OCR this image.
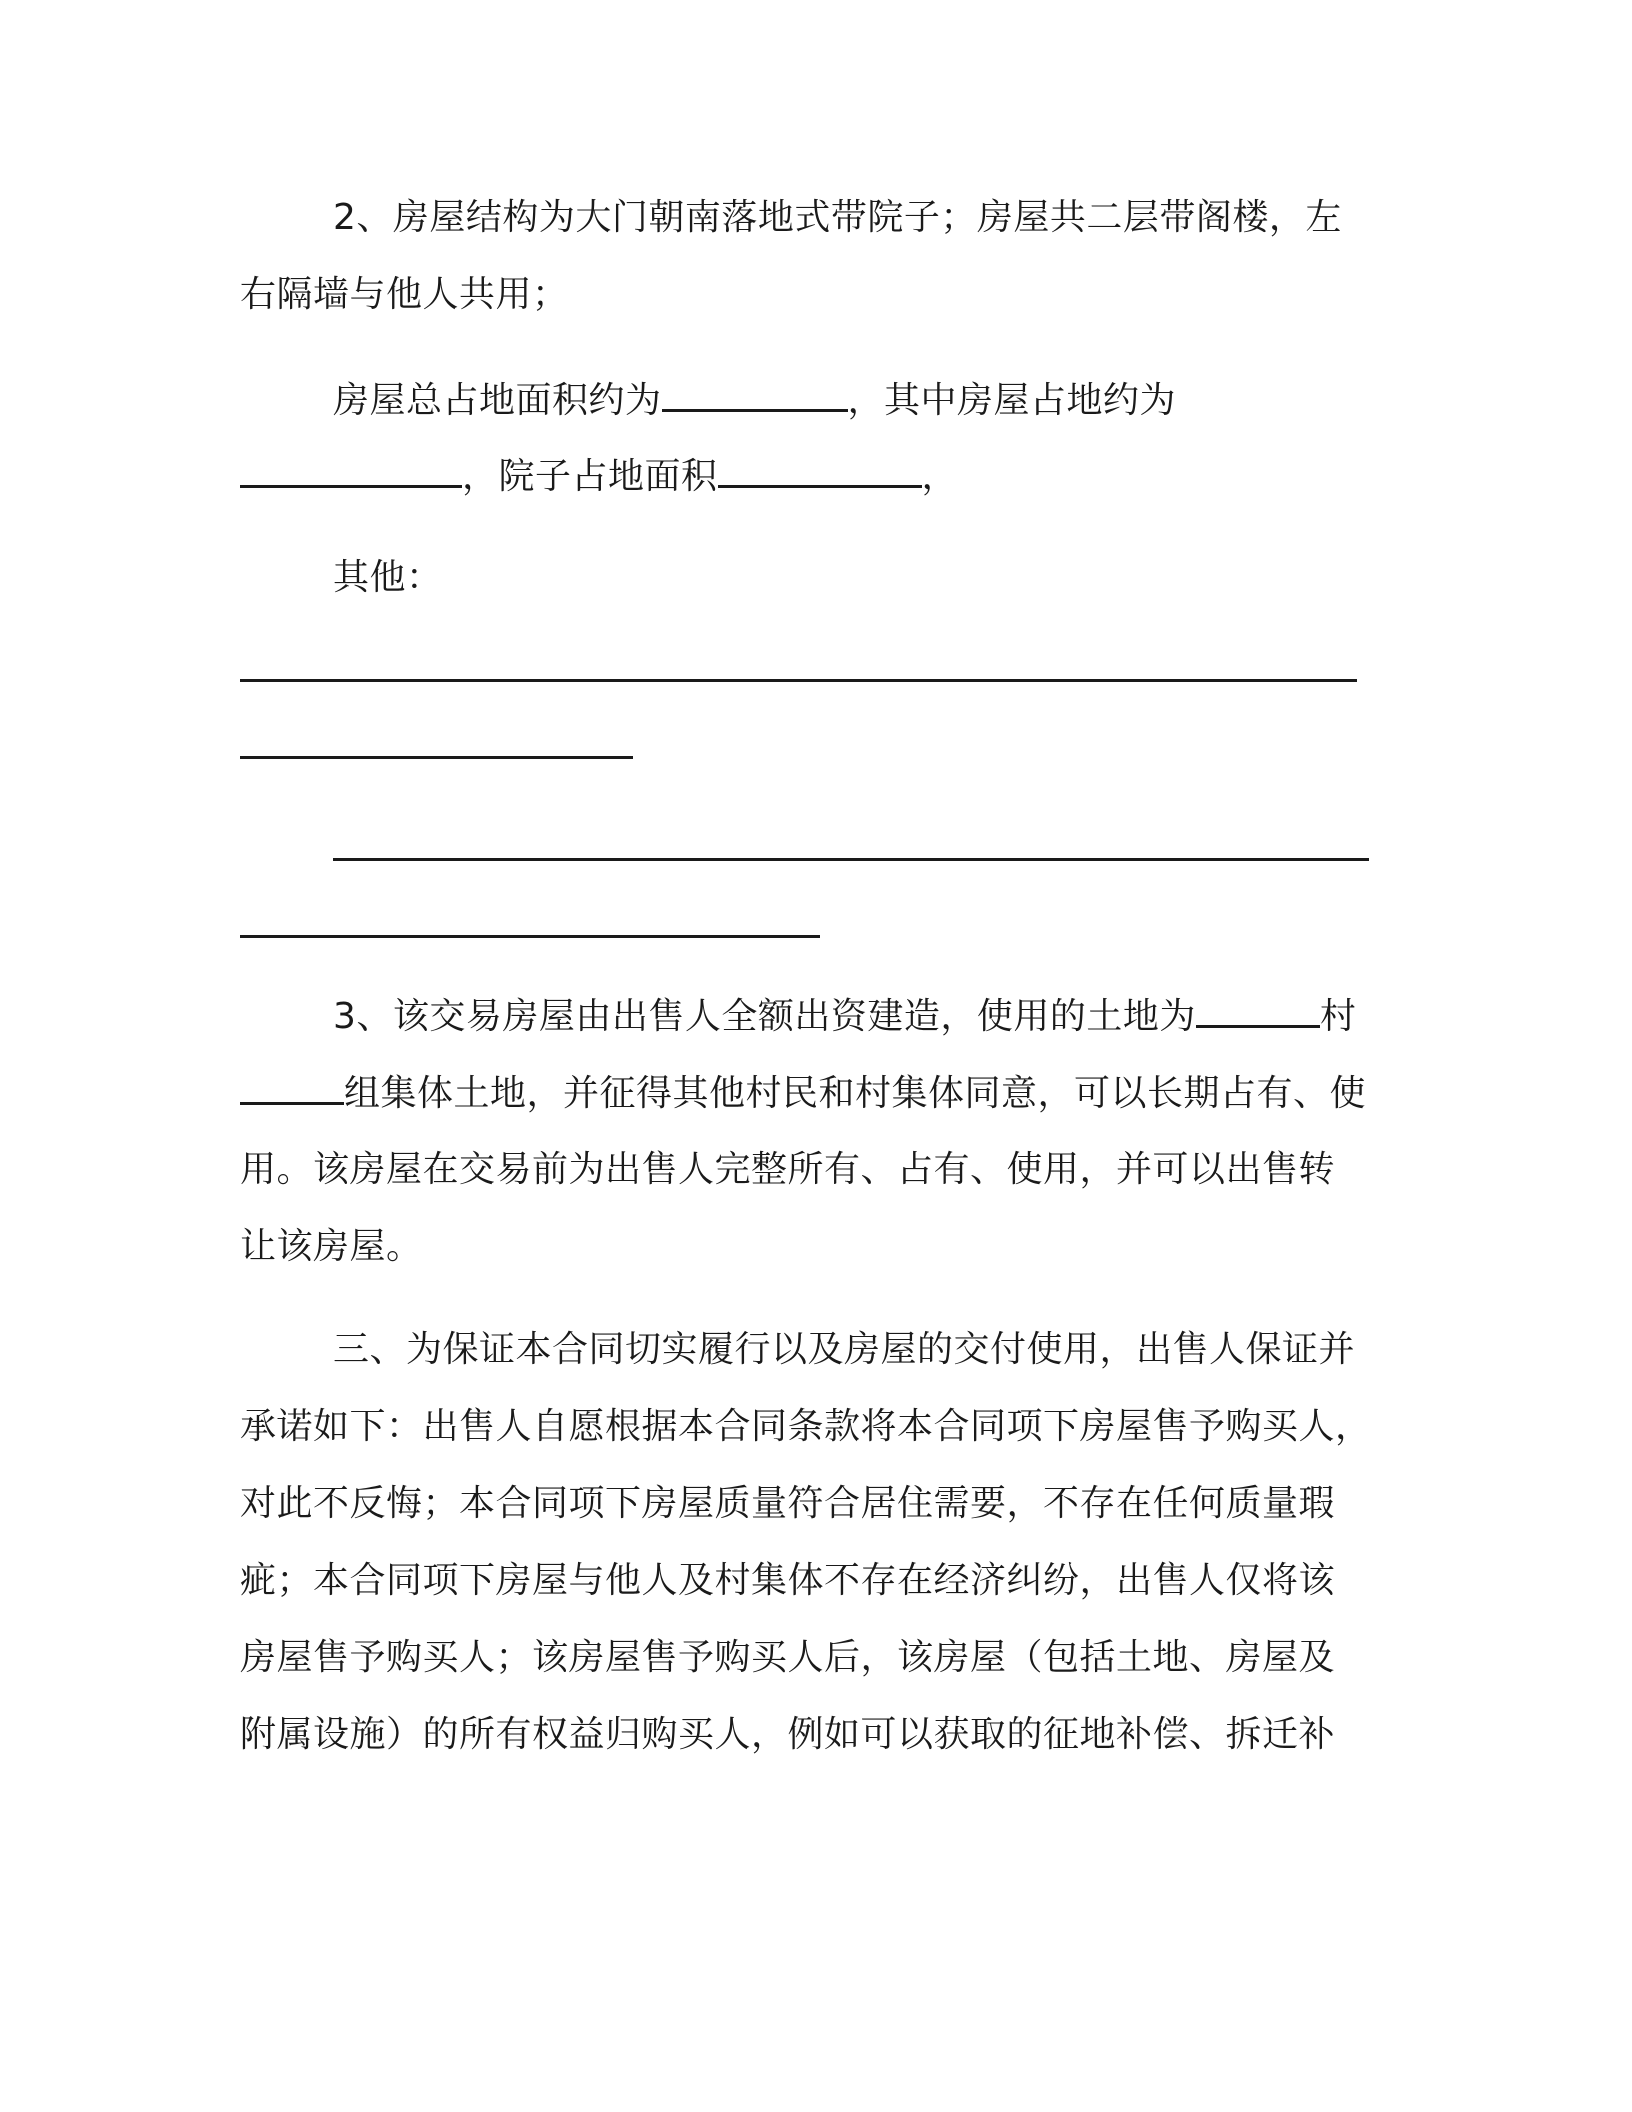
2、房屋结构为大门朝南落地式带院子；房屋共二层带阁楼，左
右隔墙与他人共用；
房屋总占地面积约为	，其中房屋占地约为
，院子占地面积	，
其他：
3、该交易房屋由出售人全额出资建造，使用的土地为	村
组集体土地，并征得其他村民和村集体同意，可以长期占有、使
用。该房屋在交易前为出售人完整所有、占有、使用，并可以出售转
让该房屋。
三、为保证本合同切实履行以及房屋的交付使用，出售人保证并
承诺如下：出售人自愿根据本合同条款将本合同项下房屋售予购买人，
对此不反悔；本合同项下房屋质量符合居住需要，不存在任何质量瑕
疵；本合同项下房屋与他人及村集体不存在经济纠纷，出售人仅将该
房屋售予购买人；该房屋售予购买人后，该房屋（包括土地、房屋及
附属设施）的所有权益归购买人，例如可以获取的征地补偿、拆迁补
